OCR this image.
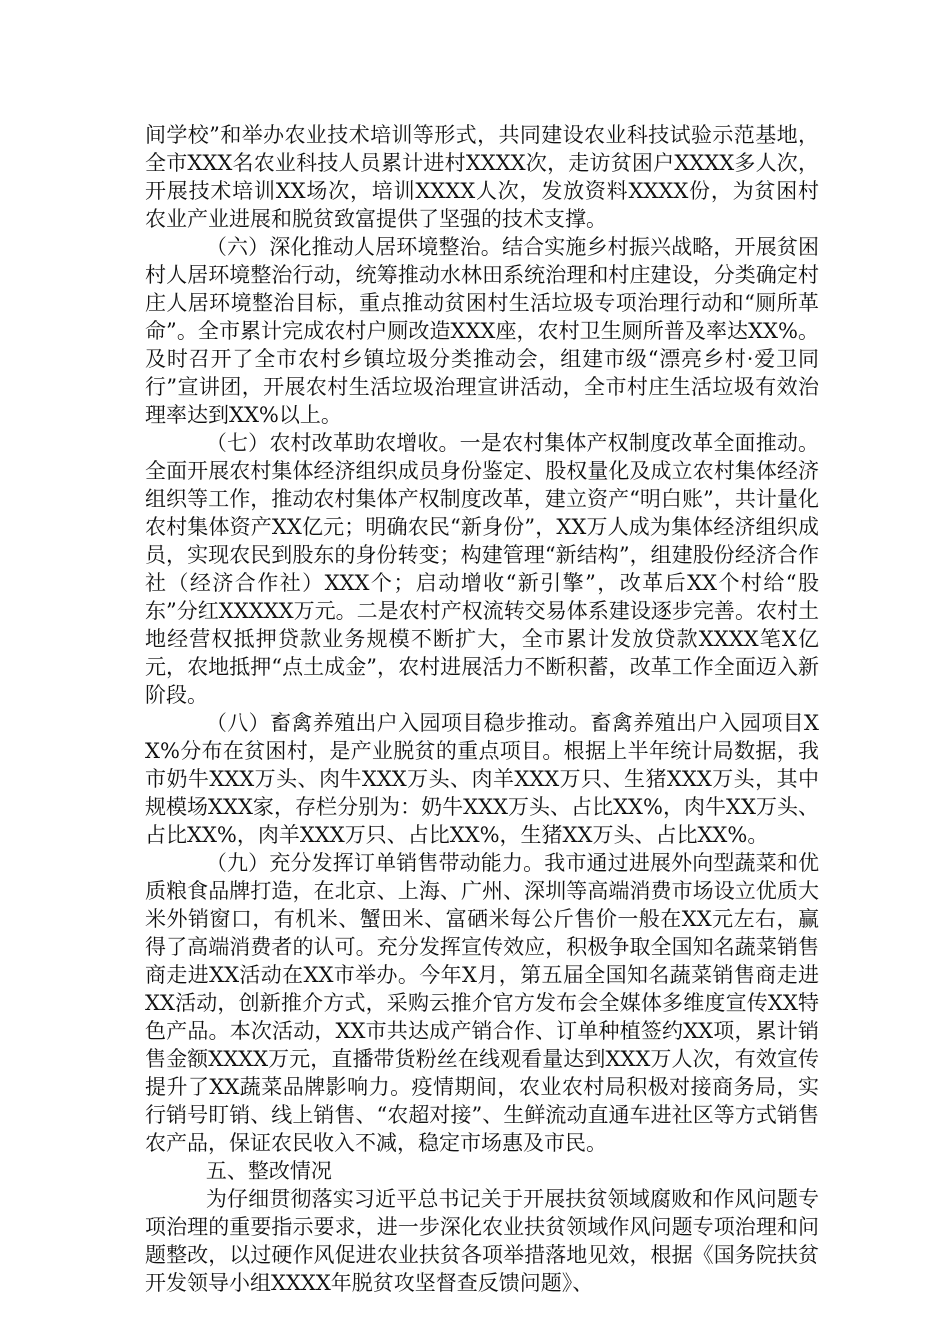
间学校”和举办农业技术培训等形式，共同建设农业科技试验示范基地，全市XXX名农业科技人员累计进村XXXX次，走访贫困户XXXX多人次，开展技术培训XX场次，培训XXXX人次，发放资料XXXX份，为贫困村农业产业进展和脱贫致富提供了坚强的技术支撑。

（六）深化推动人居环境整治。结合实施乡村振兴战略，开展贫困村人居环境整治行动，统筹推动水林田系统治理和村庄建设，分类确定村庄人居环境整治目标，重点推动贫困村生活垃圾专项治理行动和“厕所革命”。全市累计完成农村户厕改造XXX座，农村卫生厕所普及率达XX%。及时召开了全市农村乡镇垃圾分类推动会，组建市级“漂亮乡村·爱卫同行”宣讲团，开展农村生活垃圾治理宣讲活动，全市村庄生活垃圾有效治理率达到XX%以上。

（七）农村改革助农增收。一是农村集体产权制度改革全面推动。全面开展农村集体经济组织成员身份鉴定、股权量化及成立农村集体经济组织等工作，推动农村集体产权制度改革，建立资产“明白账”，共计量化农村集体资产XX亿元；明确农民“新身份”，XX万人成为集体经济组织成员，实现农民到股东的身份转变；构建管理“新结构”，组建股份经济合作社（经济合作社）XXX个；启动增收“新引擎”，改革后XX个村给“股东”分红XXXXX万元。二是农村产权流转交易体系建设逐步完善。农村土地经营权抵押贷款业务规模不断扩大，全市累计发放贷款XXXX笔X亿元，农地抵押“点土成金”，农村进展活力不断积蓄，改革工作全面迈入新阶段。

（八）畜禽养殖出户入园项目稳步推动。畜禽养殖出户入园项目XX%分布在贫困村，是产业脱贫的重点项目。根据上半年统计局数据，我市奶牛XXX万头、肉牛XXX万头、肉羊XXX万只、生猪XXX万头，其中规模场XXX家，存栏分别为：奶牛XXX万头、占比XX%，肉牛XX万头、占比XX%，肉羊XXX万只、占比XX%，生猪XX万头、占比XX%。

（九）充分发挥订单销售带动能力。我市通过进展外向型蔬菜和优质粮食品牌打造，在北京、上海、广州、深圳等高端消费市场设立优质大米外销窗口，有机米、蟹田米、富硒米每公斤售价一般在XX元左右，赢得了高端消费者的认可。充分发挥宣传效应，积极争取全国知名蔬菜销售商走进XX活动在XX市举办。今年X月，第五届全国知名蔬菜销售商走进XX活动，创新推介方式，采购云推介官方发布会全媒体多维度宣传XX特色产品。本次活动，XX市共达成产销合作、订单种植签约XX项，累计销售金额XXXX万元，直播带货粉丝在线观看量达到XXX万人次，有效宣传提升了XX蔬菜品牌影响力。疫情期间，农业农村局积极对接商务局，实行销号盯销、线上销售、“农超对接”、生鲜流动直通车进社区等方式销售农产品，保证农民收入不减，稳定市场惠及市民。

五、整改情况

为仔细贯彻落实习近平总书记关于开展扶贫领域腐败和作风问题专项治理的重要指示要求，进一步深化农业扶贫领域作风问题专项治理和问题整改，以过硬作风促进农业扶贫各项举措落地见效，根据《国务院扶贫开发领导小组XXXX年脱贫攻坚督查反馈问题》、
